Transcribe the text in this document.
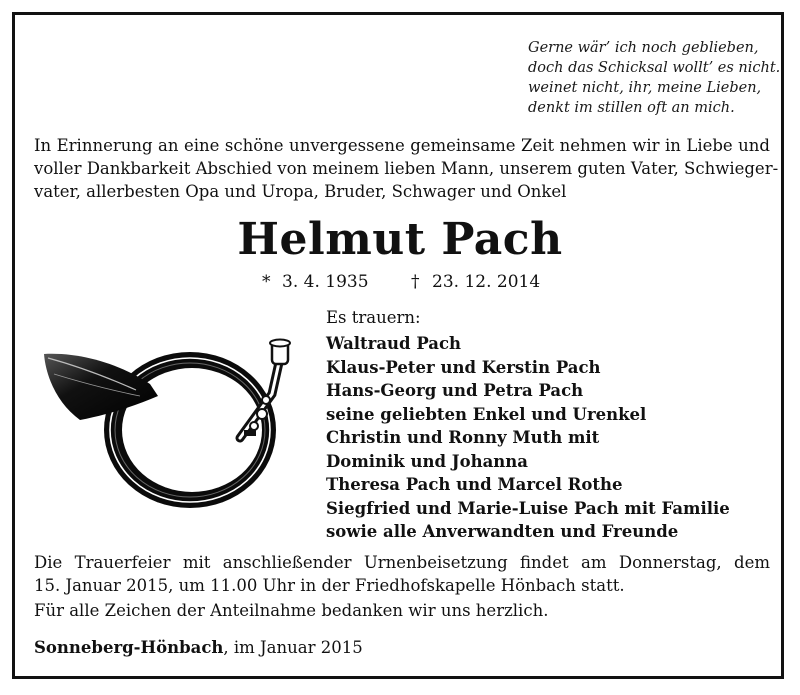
Gerne wär’ ich noch geblieben,
doch das Schicksal wollt’ es nicht.
weinet nicht, ihr, meine Lieben,
denkt im stillen oft an mich.
In Erinnerung an eine schöne unvergessene gemeinsame Zeit nehmen wir in Liebe und
voller Dankbarkeit Abschied von meinem lieben Mann, unserem guten Vater, Schwieger-
vater, allerbesten Opa und Uropa, Bruder, Schwager und Onkel
Helmut Pach
* 3. 4. 1935 † 23. 12. 2014
Es trauern:
Waltraud Pach
Klaus-Peter und Kerstin Pach
Hans-Georg und Petra Pach
seine geliebten Enkel und Urenkel
Christin und Ronny Muth mit
Dominik und Johanna
Theresa Pach und Marcel Rothe
Siegfried und Marie-Luise Pach mit Familie
sowie alle Anverwandten und Freunde
Die Trauerfeier mit anschließender Urnenbeisetzung findet am Donnerstag, dem
15. Januar 2015, um 11.00 Uhr in der Friedhofskapelle Hönbach statt.
Für alle Zeichen der Anteilnahme bedanken wir uns herzlich.
Sonneberg-Hönbach, im Januar 2015
